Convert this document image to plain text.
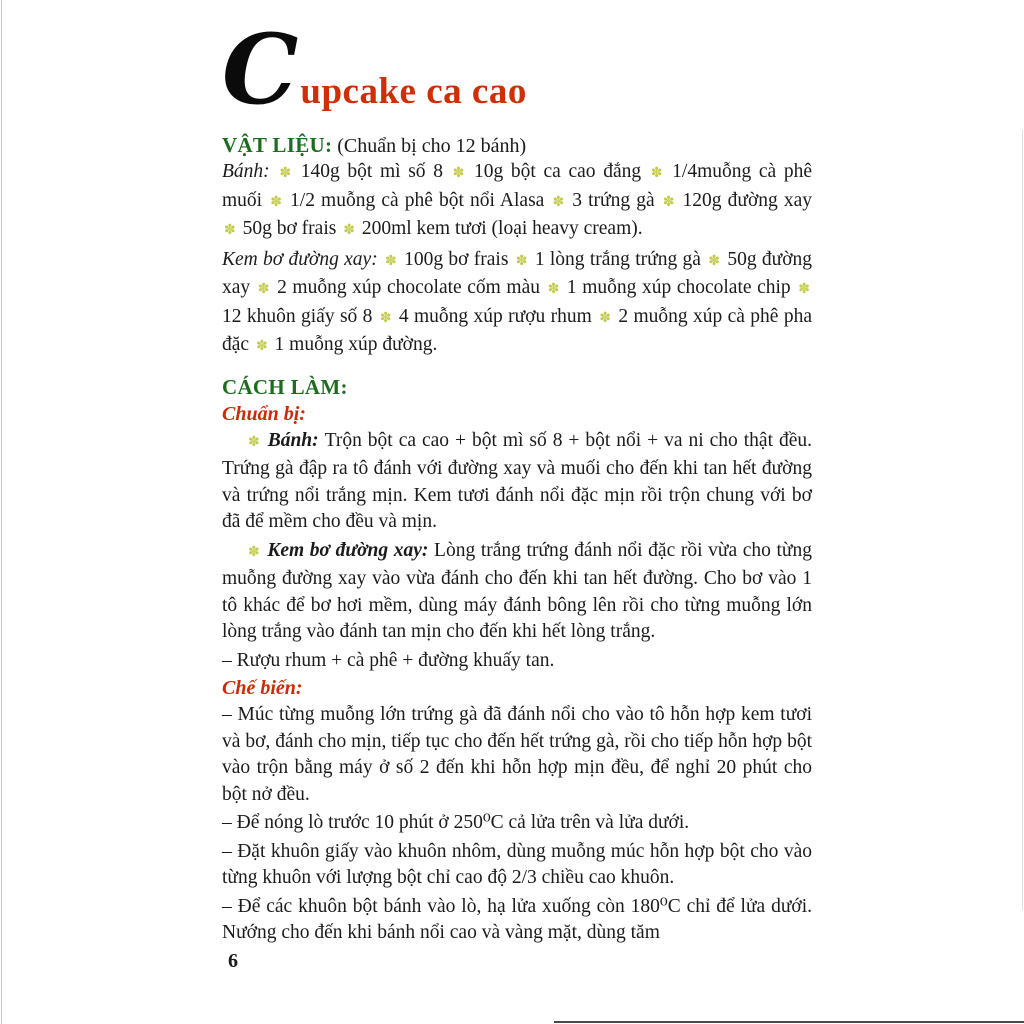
C upcake ca cao

VẬT LIỆU: (Chuẩn bị cho 12 bánh)

Bánh: ✽ 140g bột mì số 8 ✽ 10g bột ca cao đắng ✽ 1/4muỗng cà phê muối ✽ 1/2 muỗng cà phê bột nổi Alasa ✽ 3 trứng gà ✽ 120g đường xay ✽ 50g bơ frais ✽ 200ml kem tươi (loại heavy cream).

Kem bơ đường xay: ✽ 100g bơ frais ✽ 1 lòng trắng trứng gà ✽ 50g đường xay ✽ 2 muỗng xúp chocolate cốm màu ✽ 1 muỗng xúp chocolate chip ✽ 12 khuôn giấy số 8 ✽ 4 muỗng xúp rượu rhum ✽ 2 muỗng xúp cà phê pha đặc ✽ 1 muỗng xúp đường.

CÁCH LÀM:
Chuẩn bị:

✽ Bánh: Trộn bột ca cao + bột mì số 8 + bột nổi + va ni cho thật đều. Trứng gà đập ra tô đánh với đường xay và muối cho đến khi tan hết đường và trứng nổi trắng mịn. Kem tươi đánh nổi đặc mịn rồi trộn chung với bơ đã để mềm cho đều và mịn.

✽ Kem bơ đường xay: Lòng trắng trứng đánh nổi đặc rồi vừa cho từng muỗng đường xay vào vừa đánh cho đến khi tan hết đường. Cho bơ vào 1 tô khác để bơ hơi mềm, dùng máy đánh bông lên rồi cho từng muỗng lớn lòng trắng vào đánh tan mịn cho đến khi hết lòng trắng.

– Rượu rhum + cà phê + đường khuấy tan.

Chế biến:

– Múc từng muỗng lớn trứng gà đã đánh nổi cho vào tô hỗn hợp kem tươi và bơ, đánh cho mịn, tiếp tục cho đến hết trứng gà, rồi cho tiếp hỗn hợp bột vào trộn bằng máy ở số 2 đến khi hỗn hợp mịn đều, để nghỉ 20 phút cho bột nở đều.

– Để nóng lò trước 10 phút ở 250⁰C cả lửa trên và lửa dưới.

– Đặt khuôn giấy vào khuôn nhôm, dùng muỗng múc hỗn hợp bột cho vào từng khuôn với lượng bột chỉ cao độ 2/3 chiều cao khuôn.

– Để các khuôn bột bánh vào lò, hạ lửa xuống còn 180⁰C chỉ để lửa dưới. Nướng cho đến khi bánh nổi cao và vàng mặt, dùng tăm

6
